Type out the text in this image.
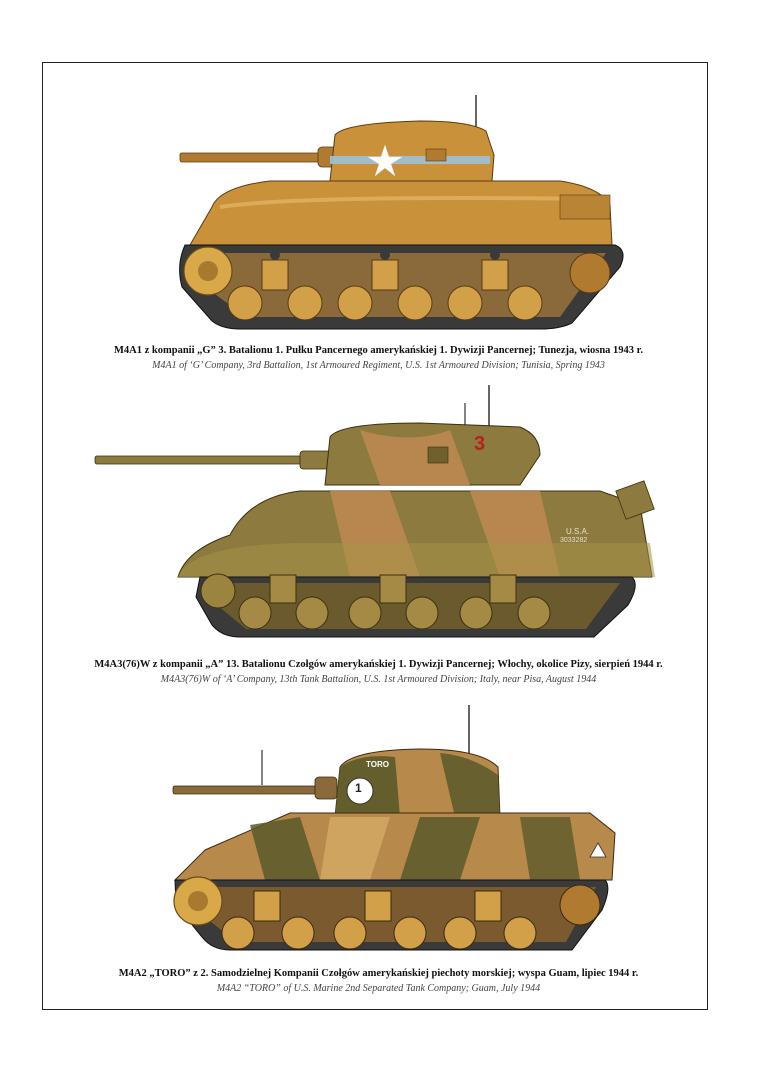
M4A1 z kompanii „G” 3. Batalionu 1. Pułku Pancernego amerykańskiej 1. Dywizji Pancernej; Tunezja, wiosna 1943 r.
M4A1 of ‘G’ Company, 3rd Battalion, 1st Armoured Regiment, U.S. 1st Armoured Division; Tunisia, Spring 1943
3
U.S.A.
3033282
M4A3(76)W z kompanii „A” 13. Batalionu Czołgów amerykańskiej 1. Dywizji Pancernej; Włochy, okolice Pizy, sierpień 1944 r.
M4A3(76)W of ‘A’ Company, 13th Tank Battalion, U.S. 1st Armoured Division; Italy, near Pisa, August 1944
1
TORO
M4A2 „TORO” z 2. Samodzielnej Kompanii Czołgów amerykańskiej piechoty morskiej; wyspa Guam, lipiec 1944 r.
M4A2 “TORO” of U.S. Marine 2nd Separated Tank Company; Guam, July 1944
